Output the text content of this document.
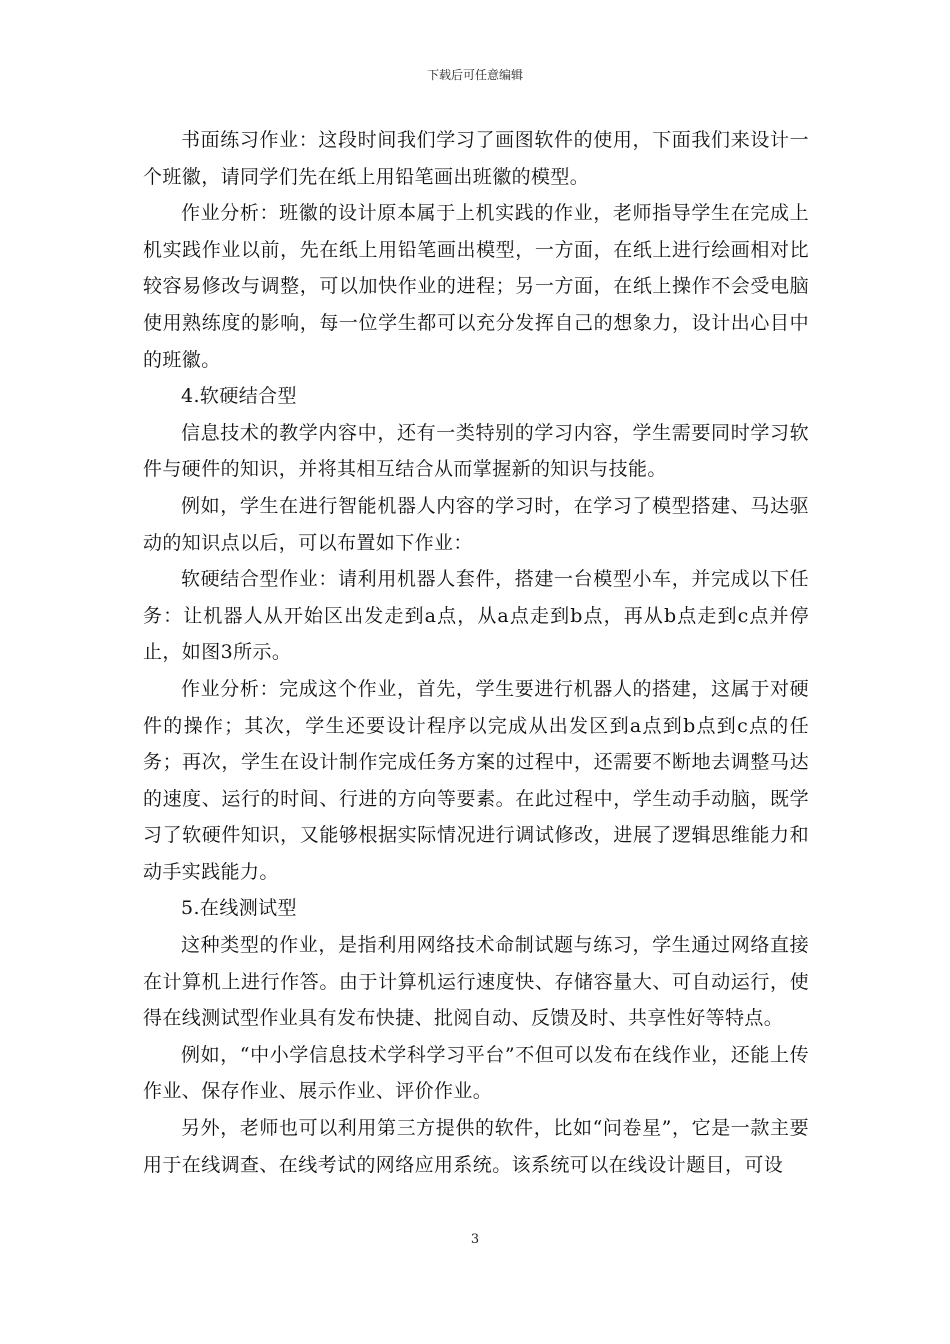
下载后可任意编辑

书面练习作业：这段时间我们学习了画图软件的使用，下面我们来设计一个班徽，请同学们先在纸上用铅笔画出班徽的模型。

作业分析：班徽的设计原本属于上机实践的作业，老师指导学生在完成上机实践作业以前，先在纸上用铅笔画出模型，一方面，在纸上进行绘画相对比较容易修改与调整，可以加快作业的进程；另一方面，在纸上操作不会受电脑使用熟练度的影响，每一位学生都可以充分发挥自己的想象力，设计出心目中的班徽。

4.软硬结合型

信息技术的教学内容中，还有一类特别的学习内容，学生需要同时学习软件与硬件的知识，并将其相互结合从而掌握新的知识与技能。

例如，学生在进行智能机器人内容的学习时，在学习了模型搭建、马达驱动的知识点以后，可以布置如下作业：

软硬结合型作业：请利用机器人套件，搭建一台模型小车，并完成以下任务：让机器人从开始区出发走到a点，从a点走到b点，再从b点走到c点并停止，如图3所示。

作业分析：完成这个作业，首先，学生要进行机器人的搭建，这属于对硬件的操作；其次，学生还要设计程序以完成从出发区到a点到b点到c点的任务；再次，学生在设计制作完成任务方案的过程中，还需要不断地去调整马达的速度、运行的时间、行进的方向等要素。在此过程中，学生动手动脑，既学习了软硬件知识，又能够根据实际情况进行调试修改，进展了逻辑思维能力和动手实践能力。

5.在线测试型

这种类型的作业，是指利用网络技术命制试题与练习，学生通过网络直接在计算机上进行作答。由于计算机运行速度快、存储容量大、可自动运行，使得在线测试型作业具有发布快捷、批阅自动、反馈及时、共享性好等特点。

例如，“中小学信息技术学科学习平台”不但可以发布在线作业，还能上传作业、保存作业、展示作业、评价作业。

另外，老师也可以利用第三方提供的软件，比如“问卷星”，它是一款主要用于在线调查、在线考试的网络应用系统。该系统可以在线设计题目，可设

3
